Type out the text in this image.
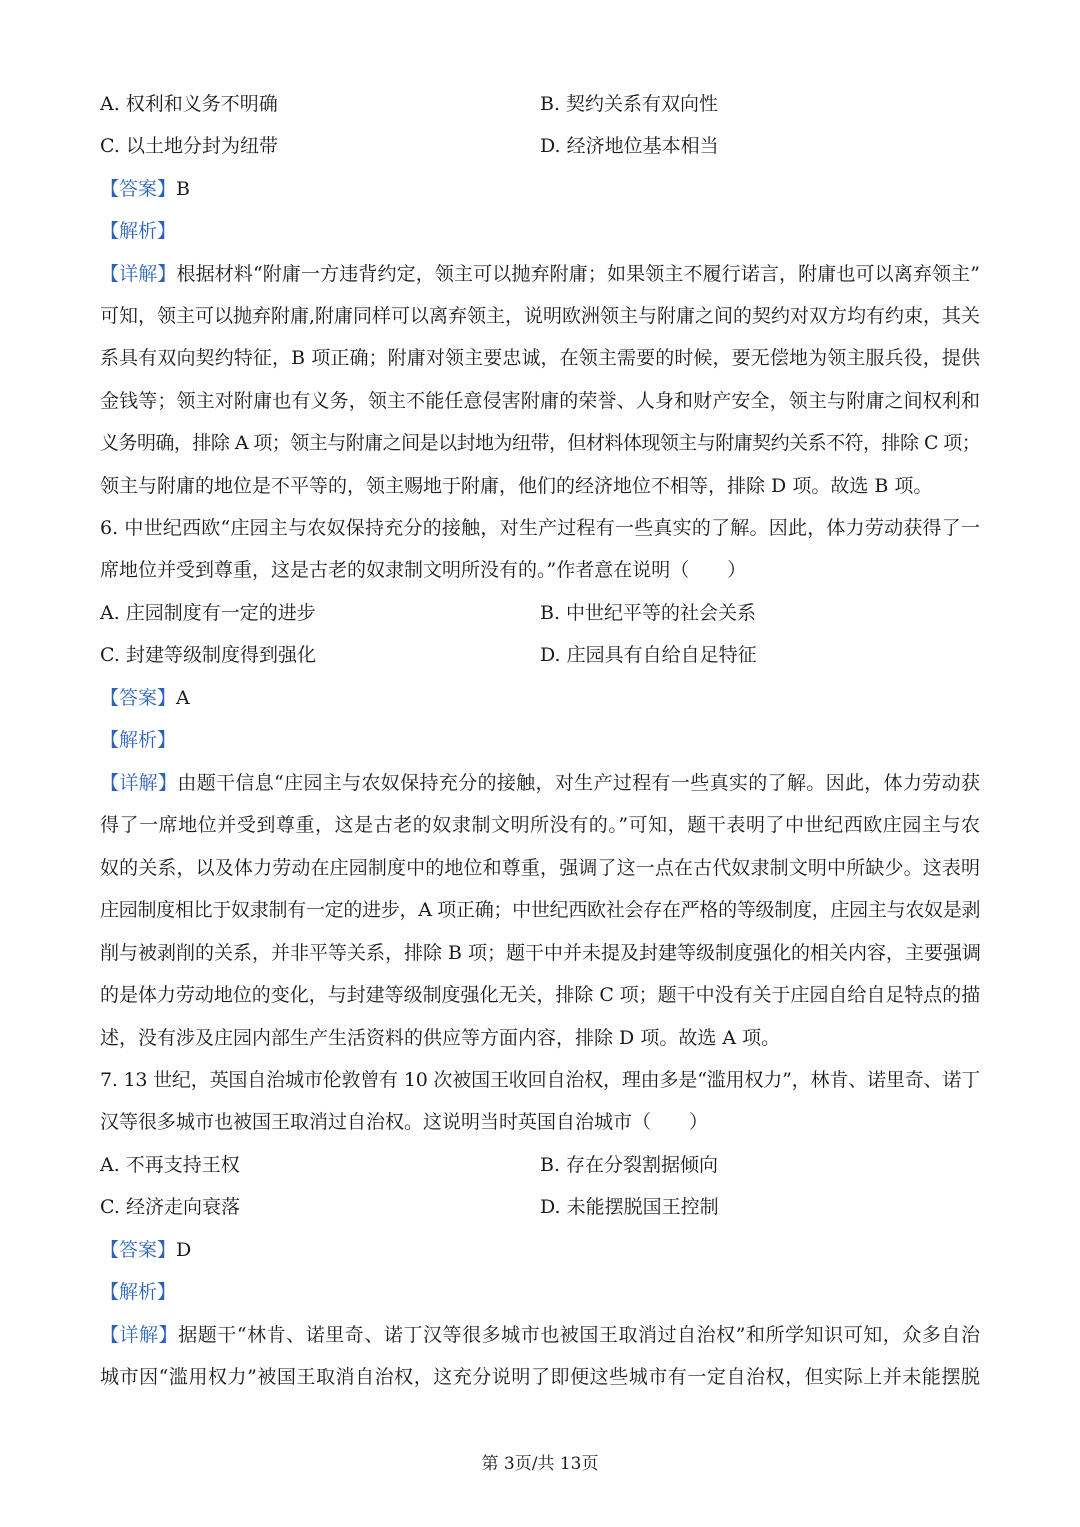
A. 权利和义务不明确	B. 契约关系有双向性
C. 以土地分封为纽带	D. 经济地位基本相当
【答案】B
【解析】
【详解】根据材料“附庸一方违背约定，领主可以抛弃附庸；如果领主不履行诺言，附庸也可以离弃领主”
可知，领主可以抛弃附庸,附庸同样可以离弃领主，说明欧洲领主与附庸之间的契约对双方均有约束，其关
系具有双向契约特征，B 项正确；附庸对领主要忠诚，在领主需要的时候，要无偿地为领主服兵役，提供
金钱等；领主对附庸也有义务，领主不能任意侵害附庸的荣誉、人身和财产安全，领主与附庸之间权利和
义务明确，排除 A 项；领主与附庸之间是以封地为纽带，但材料体现领主与附庸契约关系不符，排除 C 项；
领主与附庸的地位是不平等的，领主赐地于附庸，他们的经济地位不相等，排除 D 项。故选 B 项。
6. 中世纪西欧“庄园主与农奴保持充分的接触，对生产过程有一些真实的了解。因此，体力劳动获得了一
席地位并受到尊重，这是古老的奴隶制文明所没有的。”作者意在说明（　　）
A. 庄园制度有一定的进步	B. 中世纪平等的社会关系
C. 封建等级制度得到强化	D. 庄园具有自给自足特征
【答案】A
【解析】
【详解】由题干信息“庄园主与农奴保持充分的接触，对生产过程有一些真实的了解。因此，体力劳动获
得了一席地位并受到尊重，这是古老的奴隶制文明所没有的。”可知，题干表明了中世纪西欧庄园主与农
奴的关系，以及体力劳动在庄园制度中的地位和尊重，强调了这一点在古代奴隶制文明中所缺少。这表明
庄园制度相比于奴隶制有一定的进步，A 项正确；中世纪西欧社会存在严格的等级制度，庄园主与农奴是剥
削与被剥削的关系，并非平等关系，排除 B 项；题干中并未提及封建等级制度强化的相关内容，主要强调
的是体力劳动地位的变化，与封建等级制度强化无关，排除 C 项；题干中没有关于庄园自给自足特点的描
述，没有涉及庄园内部生产生活资料的供应等方面内容，排除 D 项。故选 A 项。
7. 13 世纪，英国自治城市伦敦曾有 10 次被国王收回自治权，理由多是“滥用权力”，林肯、诺里奇、诺丁
汉等很多城市也被国王取消过自治权。这说明当时英国自治城市（　　）
A. 不再支持王权	B. 存在分裂割据倾向
C. 经济走向衰落	D. 未能摆脱国王控制
【答案】D
【解析】
【详解】据题干“林肯、诺里奇、诺丁汉等很多城市也被国王取消过自治权”和所学知识可知，众多自治
城市因“滥用权力”被国王取消自治权，这充分说明了即便这些城市有一定自治权，但实际上并未能摆脱
第 3页/共 13页
